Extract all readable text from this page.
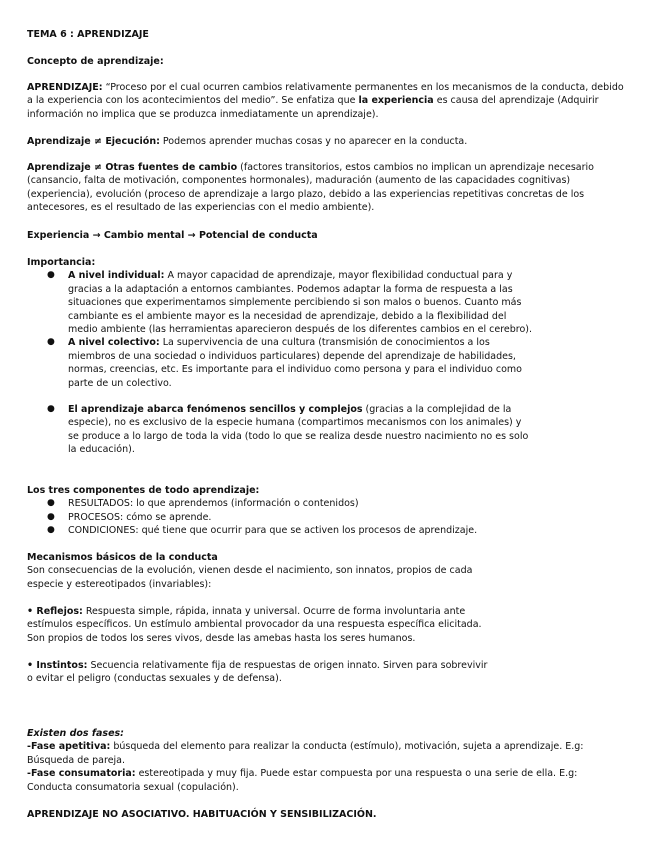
TEMA 6 : APRENDIZAJE
Concepto de aprendizaje:

APRENDIZAJE: “Proceso por el cual ocurren cambios relativamente permanentes en los mecanismos de la conducta, debido a la experiencia con los acontecimientos del medio”. Se enfatiza que la experiencia es causa del aprendizaje (Adquirir información no implica que se produzca inmediatamente un aprendizaje).

Aprendizaje ≠ Ejecución: Podemos aprender muchas cosas y no aparecer en la conducta.

Aprendizaje ≠ Otras fuentes de cambio (factores transitorios, estos cambios no implican un aprendizaje necesario (cansancio, falta de motivación, componentes hormonales), maduración (aumento de las capacidades cognitivas) (experiencia), evolución (proceso de aprendizaje a largo plazo, debido a las experiencias repetitivas concretas de los antecesores, es el resultado de las experiencias con el medio ambiente).

Experiencia → Cambio mental → Potencial de conducta

Importancia:

● A nivel individual: A mayor capacidad de aprendizaje, mayor flexibilidad conductual para y gracias a la adaptación a entornos cambiantes. Podemos adaptar la forma de respuesta a las situaciones que experimentamos simplemente percibiendo si son malos o buenos. Cuanto más cambiante es el ambiente mayor es la necesidad de aprendizaje, debido a la flexibilidad del medio ambiente (las herramientas aparecieron después de los diferentes cambios en el cerebro).

● A nivel colectivo: La supervivencia de una cultura (transmisión de conocimientos a los miembros de una sociedad o individuos particulares) depende del aprendizaje de habilidades, normas, creencias, etc. Es importante para el individuo como persona y para el individuo como parte de un colectivo.

● El aprendizaje abarca fenómenos sencillos y complejos (gracias a la complejidad de la especie), no es exclusivo de la especie humana (compartimos mecanismos con los animales) y se produce a lo largo de toda la vida (todo lo que se realiza desde nuestro nacimiento no es solo la educación).

Los tres componentes de todo aprendizaje:

● RESULTADOS: lo que aprendemos (información o contenidos)

● PROCESOS: cómo se aprende.

● CONDICIONES: qué tiene que ocurrir para que se activen los procesos de aprendizaje.

Mecanismos básicos de la conducta

Son consecuencias de la evolución, vienen desde el nacimiento, son innatos, propios de cada

especie y estereotipados (invariables):

• Reflejos: Respuesta simple, rápida, innata y universal. Ocurre de forma involuntaria ante

estímulos específicos. Un estímulo ambiental provocador da una respuesta específica elicitada.

Son propios de todos los seres vivos, desde las amebas hasta los seres humanos.

• Instintos: Secuencia relativamente fija de respuestas de origen innato. Sirven para sobrevivir

o evitar el peligro (conductas sexuales y de defensa).

Existen dos fases:

-Fase apetitiva: búsqueda del elemento para realizar la conducta (estímulo), motivación, sujeta a aprendizaje. E.g:

Búsqueda de pareja.

-Fase consumatoria: estereotipada y muy fija. Puede estar compuesta por una respuesta o una serie de ella. E.g:

Conducta consumatoria sexual (copulación).

APRENDIZAJE NO ASOCIATIVO. HABITUACIÓN Y SENSIBILIZACIÓN.
